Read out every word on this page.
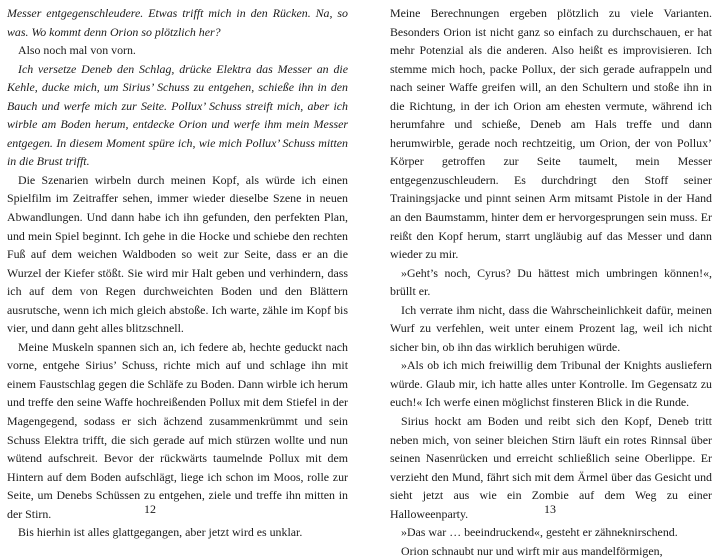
Messer entgegenschleudere. Etwas trifft mich in den Rücken. Na, so was. Wo kommt denn Orion so plötzlich her?

Also noch mal von vorn.

Ich versetze Deneb den Schlag, drücke Elektra das Messer an die Kehle, ducke mich, um Sirius’ Schuss zu entgehen, schieße ihn in den Bauch und werfe mich zur Seite. Pollux’ Schuss streift mich, aber ich wirble am Boden herum, entdecke Orion und werfe ihm mein Messer entgegen. In diesem Moment spüre ich, wie mich Pollux’ Schuss mitten in die Brust trifft.

Die Szenarien wirbeln durch meinen Kopf, als würde ich einen Spielfilm im Zeitraffer sehen, immer wieder dieselbe Szene in neuen Abwandlungen. Und dann habe ich ihn gefunden, den perfekten Plan, und mein Spiel beginnt. Ich gehe in die Hocke und schiebe den rechten Fuß auf dem weichen Waldboden so weit zur Seite, dass er an die Wurzel der Kiefer stößt. Sie wird mir Halt geben und verhindern, dass ich auf dem von Regen durchweichten Boden und den Blättern ausrutsche, wenn ich mich gleich abstoße. Ich warte, zähle im Kopf bis vier, und dann geht alles blitzschnell.

Meine Muskeln spannen sich an, ich federe ab, hechte geduckt nach vorne, entgehe Sirius’ Schuss, richte mich auf und schlage ihn mit einem Faustschlag gegen die Schläfe zu Boden. Dann wirble ich herum und treffe den seine Waffe hochreißenden Pollux mit dem Stiefel in der Magengegend, sodass er sich ächzend zusammenkrümmt und sein Schuss Elektra trifft, die sich gerade auf mich stürzen wollte und nun wütend aufschreit. Bevor der rückwärts taumelnde Pollux mit dem Hintern auf dem Boden aufschlägt, liege ich schon im Moos, rolle zur Seite, um Denebs Schüssen zu entgehen, ziele und treffe ihn mitten in der Stirn.

Bis hierhin ist alles glattgegangen, aber jetzt wird es unklar.

12

Meine Berechnungen ergeben plötzlich zu viele Varianten. Besonders Orion ist nicht ganz so einfach zu durchschauen, er hat mehr Potenzial als die anderen. Also heißt es improvisieren. Ich stemme mich hoch, packe Pollux, der sich gerade aufrappeln und nach seiner Waffe greifen will, an den Schultern und stoße ihn in die Richtung, in der ich Orion am ehesten vermute, während ich herumfahre und schieße, Deneb am Hals treffe und dann herumwirble, gerade noch rechtzeitig, um Orion, der von Pollux’ Körper getroffen zur Seite taumelt, mein Messer entgegenzuschleudern. Es durchdringt den Stoff seiner Trainingsjacke und pinnt seinen Arm mitsamt Pistole in der Hand an den Baumstamm, hinter dem er hervorgesprungen sein muss. Er reißt den Kopf herum, starrt ungläubig auf das Messer und dann wieder zu mir.

»Geht’s noch, Cyrus? Du hättest mich umbringen können!«, brüllt er.

Ich verrate ihm nicht, dass die Wahrscheinlichkeit dafür, meinen Wurf zu verfehlen, weit unter einem Prozent lag, weil ich nicht sicher bin, ob ihn das wirklich beruhigen würde.

»Als ob ich mich freiwillig dem Tribunal der Knights ausliefern würde. Glaub mir, ich hatte alles unter Kontrolle. Im Gegensatz zu euch!« Ich werfe einen möglichst finsteren Blick in die Runde.

Sirius hockt am Boden und reibt sich den Kopf, Deneb tritt neben mich, von seiner bleichen Stirn läuft ein rotes Rinnsal über seinen Nasenrücken und erreicht schließlich seine Oberlippe. Er verzieht den Mund, fährt sich mit dem Ärmel über das Gesicht und sieht jetzt aus wie ein Zombie auf dem Weg zu einer Halloweenparty.

»Das war … beeindruckend«, gesteht er zähneknirschend.

Orion schnaubt nur und wirft mir aus mandelförmigen,

13
